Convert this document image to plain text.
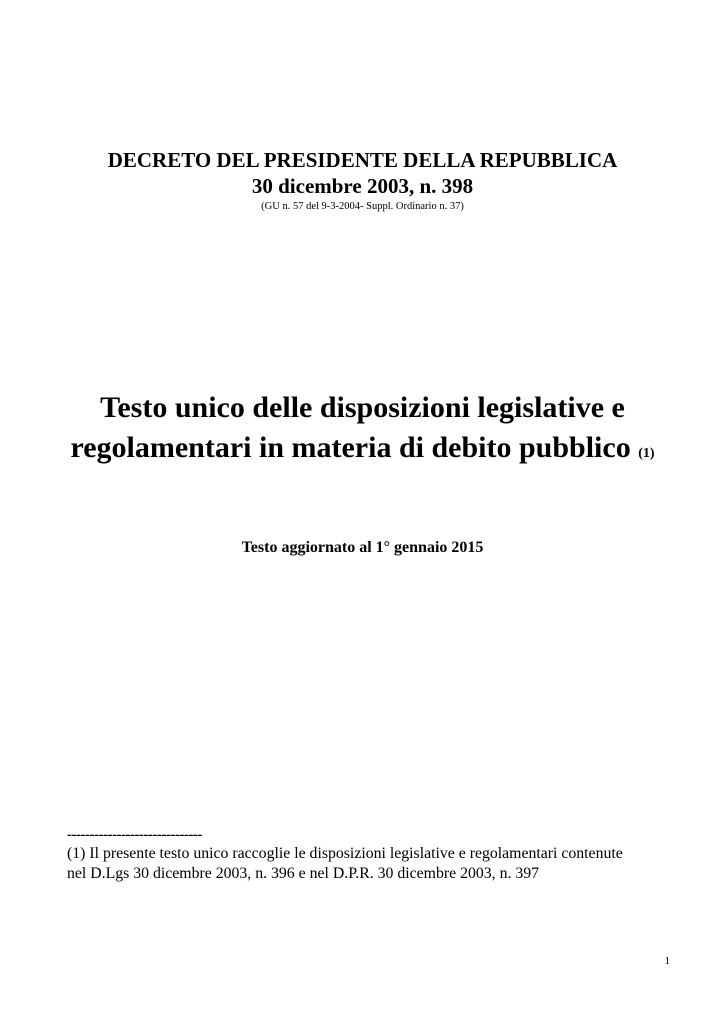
DECRETO DEL PRESIDENTE DELLA REPUBBLICA
30 dicembre 2003, n. 398
(GU n. 57 del 9-3-2004- Suppl. Ordinario n. 37)
Testo unico delle disposizioni legislative e
regolamentari in materia di debito pubblico (1)
Testo aggiornato al 1° gennaio 2015
------------------------------
(1) Il presente testo unico raccoglie le disposizioni legislative e regolamentari contenute
nel D.Lgs 30 dicembre 2003, n. 396 e nel D.P.R. 30 dicembre 2003, n. 397
1
